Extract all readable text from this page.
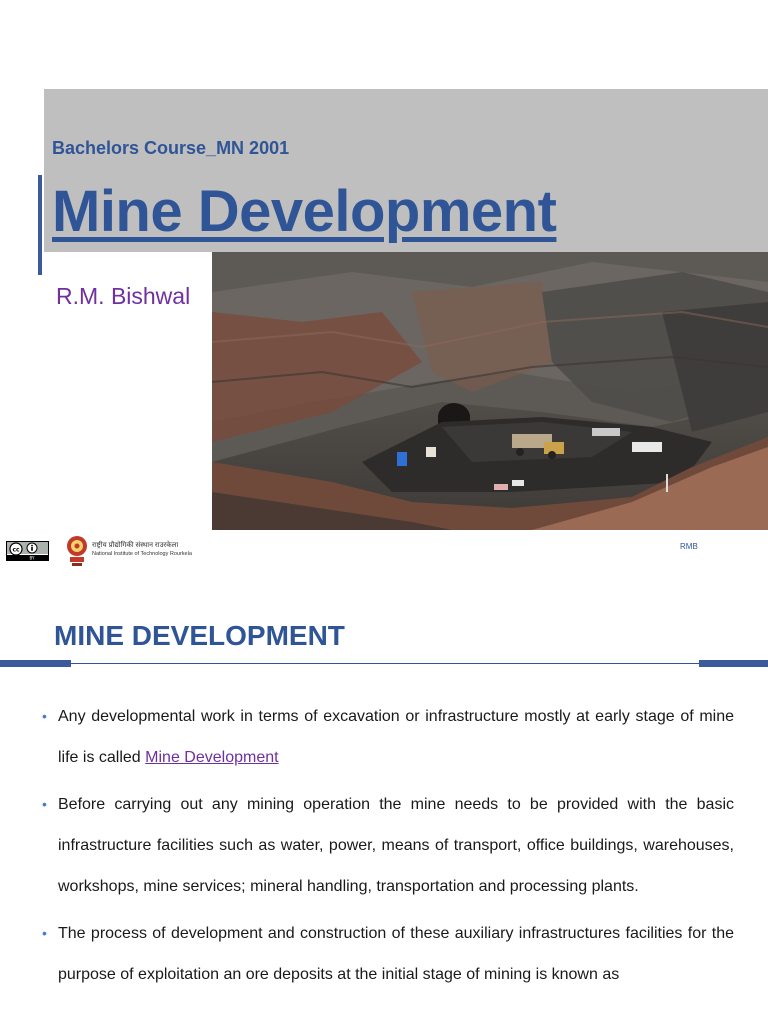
Bachelors Course_MN 2001
Mine Development
R.M. Bishwal
cc
BY
राष्ट्रीय प्रौद्योगिकी संस्थान राउरकेला
National Institute of Technology Rourkela
RMB
MINE DEVELOPMENT
• Any developmental work in terms of excavation or infrastructure mostly at early stage of mine life is called Mine Development
• Before carrying out any mining operation the mine needs to be provided with the basic infrastructure facilities such as water, power, means of transport, office buildings, warehouses, workshops, mine services; mineral handling, transportation and processing plants.
• The process of development and construction of these auxiliary infrastructures facilities for the purpose of exploitation an ore deposits at the initial stage of mining is known as
